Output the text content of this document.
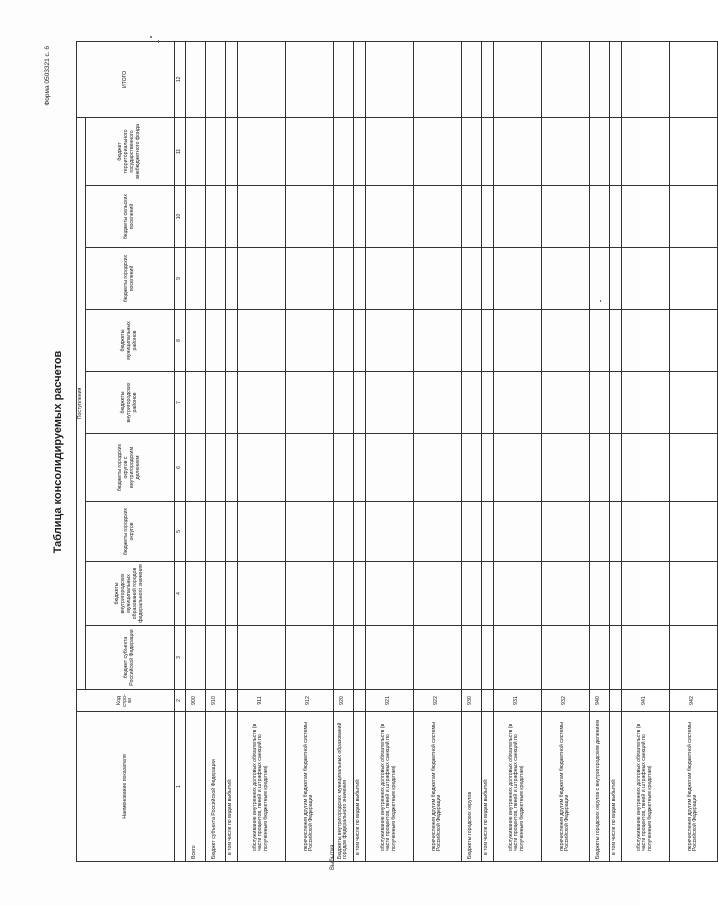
Форма 0503321 с. 6
Таблица консолидируемых расчетов
Наименование показателя	Код стро-ки	Поступления									ИТОГО
		бюджет субъекта Российской Федерации	бюджеты внутригородских муниципальных образований городов федерального значения	бюджеты городских округов	бюджеты городских округов с внутригородским делением	бюджеты внутригородских районов	бюджеты муниципальных районов	бюджеты городских поселений	бюджеты сельских поселений	бюджет территориального государственного внебюджетного фонда	
1	2	3	4	5	6	7	8	9	10	11	12
Всего	900										
Бюджет субъекта Российской Федерации	910										
в том числе по видам выбытий:											
обслуживание внутренних долговых обязательств (в части процентов, пеней и штрафных санкций по полученным бюджетным кредитам)	911										
перечисления другим бюджетам бюджетной системы Российской Федерации	912										
Бюджеты внутригородских муниципальных образований городов федерального значения	920										
в том числе по видам выбытий:											
обслуживание внутренних долговых обязательств (в части процентов, пеней и штрафных санкций по полученным бюджетным кредитам)	921										
перечисления другим бюджетам бюджетной системы Российской Федерации	922										
Бюджеты городских округов	930										
в том числе по видам выбытий:											
обслуживание внутренних долговых обязательств (в части процентов, пеней и штрафных санкций по полученным бюджетным кредитам)	931										
перечисления другим бюджетам бюджетной системы Российской Федерации	932										
Бюджеты городских округов с внутригородским делением	940										
в том числе по видам выбытий:											
обслуживание внутренних долговых обязательств (в части процентов, пеней и штрафных санкций по полученным бюджетным кредитам)	941										
перечисления другим бюджетам бюджетной системы Российской Федерации	942										
Выбытия
